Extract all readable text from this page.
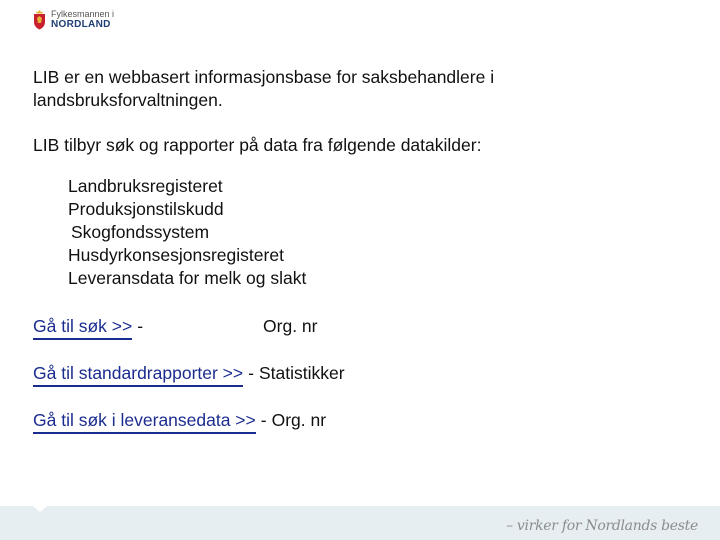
Fylkesmannen i
NORDLAND

LIB er en webbasert informasjonsbase for saksbehandlere i landsbruksforvaltningen.

LIB tilbyr søk og rapporter på data fra følgende datakilder:

Landbruksregisteret
Produksjonstilskudd
Skogfondssystem
Husdyrkonsesjonsregisteret
Leveransdata for melk og slakt
Gå til søk >> -	Org. nr
Gå til standardrapporter >> - Statistikker
Gå til søk i leveransedata >> - Org. nr
– virker for Nordlands beste
